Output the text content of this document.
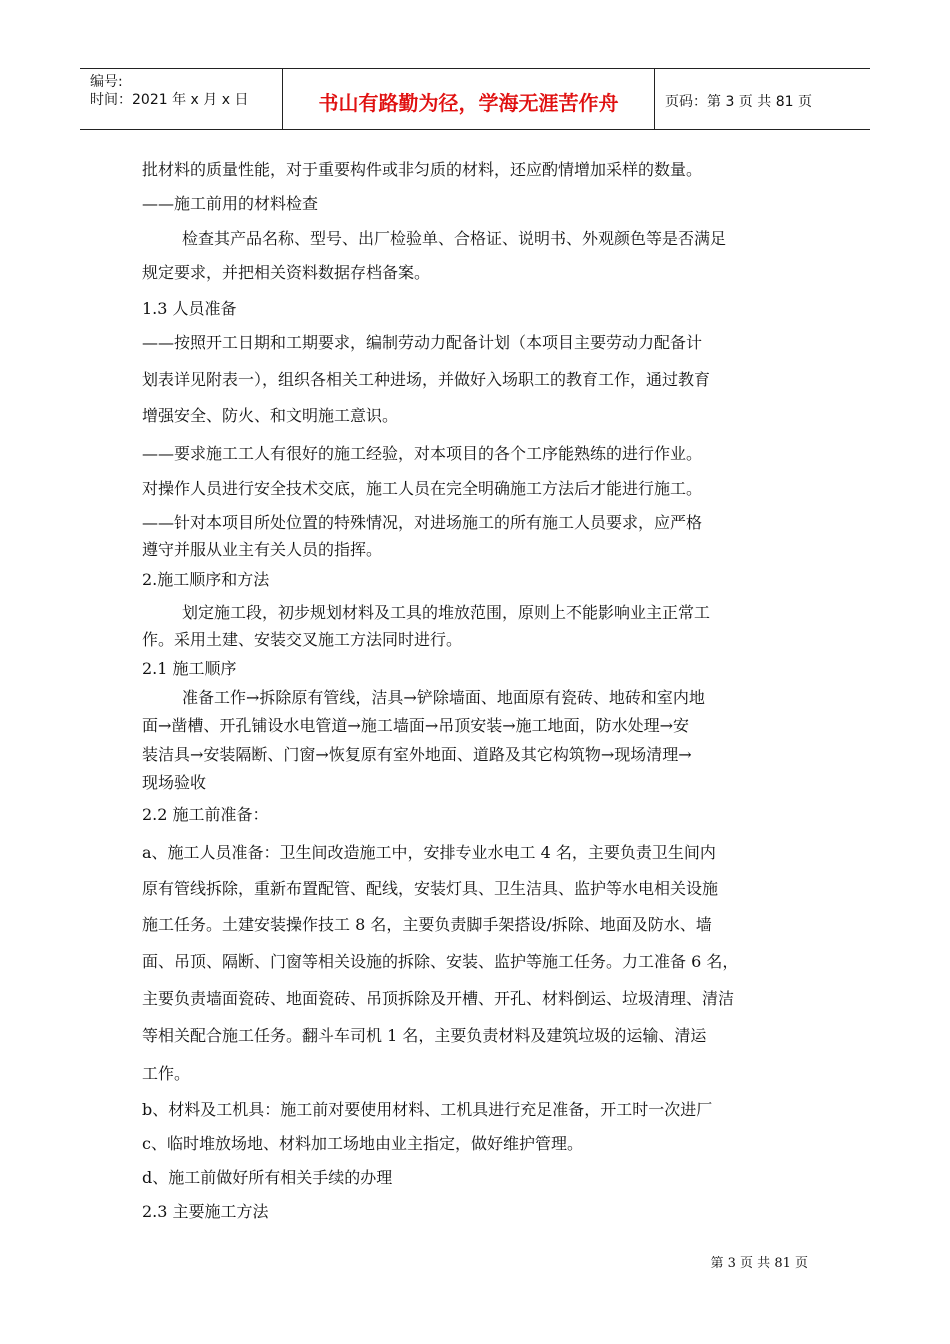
编号:
时间：2021 年 x 月 x 日	书山有路勤为径，学海无涯苦作舟	页码：第 3 页 共 81 页
批材料的质量性能，对于重要构件或非匀质的材料，还应酌情增加采样的数量。
——施工前用的材料检查
检查其产品名称、型号、出厂检验单、合格证、说明书、外观颜色等是否满足
规定要求，并把相关资料数据存档备案。
1.3 人员准备
——按照开工日期和工期要求，编制劳动力配备计划（本项目主要劳动力配备计
划表详见附表一），组织各相关工种进场，并做好入场职工的教育工作，通过教育
增强安全、防火、和文明施工意识。
——要求施工工人有很好的施工经验，对本项目的各个工序能熟练的进行作业。
对操作人员进行安全技术交底，施工人员在完全明确施工方法后才能进行施工。
——针对本项目所处位置的特殊情况，对进场施工的所有施工人员要求，应严格
遵守并服从业主有关人员的指挥。
2.施工顺序和方法
划定施工段，初步规划材料及工具的堆放范围，原则上不能影响业主正常工
作。采用土建、安装交叉施工方法同时进行。
2.1 施工顺序
准备工作→拆除原有管线，洁具→铲除墙面、地面原有瓷砖、地砖和室内地
面→凿槽、开孔铺设水电管道→施工墙面→吊顶安装→施工地面，防水处理→安
装洁具→安装隔断、门窗→恢复原有室外地面、道路及其它构筑物→现场清理→
现场验收
2.2 施工前准备：
a、施工人员准备：卫生间改造施工中，安排专业水电工 4 名，主要负责卫生间内
原有管线拆除，重新布置配管、配线，安装灯具、卫生洁具、监护等水电相关设施
施工任务。土建安装操作技工 8 名，主要负责脚手架搭设/拆除、地面及防水、墙
面、吊顶、隔断、门窗等相关设施的拆除、安装、监护等施工任务。力工准备 6 名，
主要负责墙面瓷砖、地面瓷砖、吊顶拆除及开槽、开孔、材料倒运、垃圾清理、清洁
等相关配合施工任务。翻斗车司机 1 名，主要负责材料及建筑垃圾的运输、清运
工作。
b、材料及工机具：施工前对要使用材料、工机具进行充足准备，开工时一次进厂
c、临时堆放场地、材料加工场地由业主指定，做好维护管理。
d、施工前做好所有相关手续的办理
2.3 主要施工方法
第 3 页 共 81 页
